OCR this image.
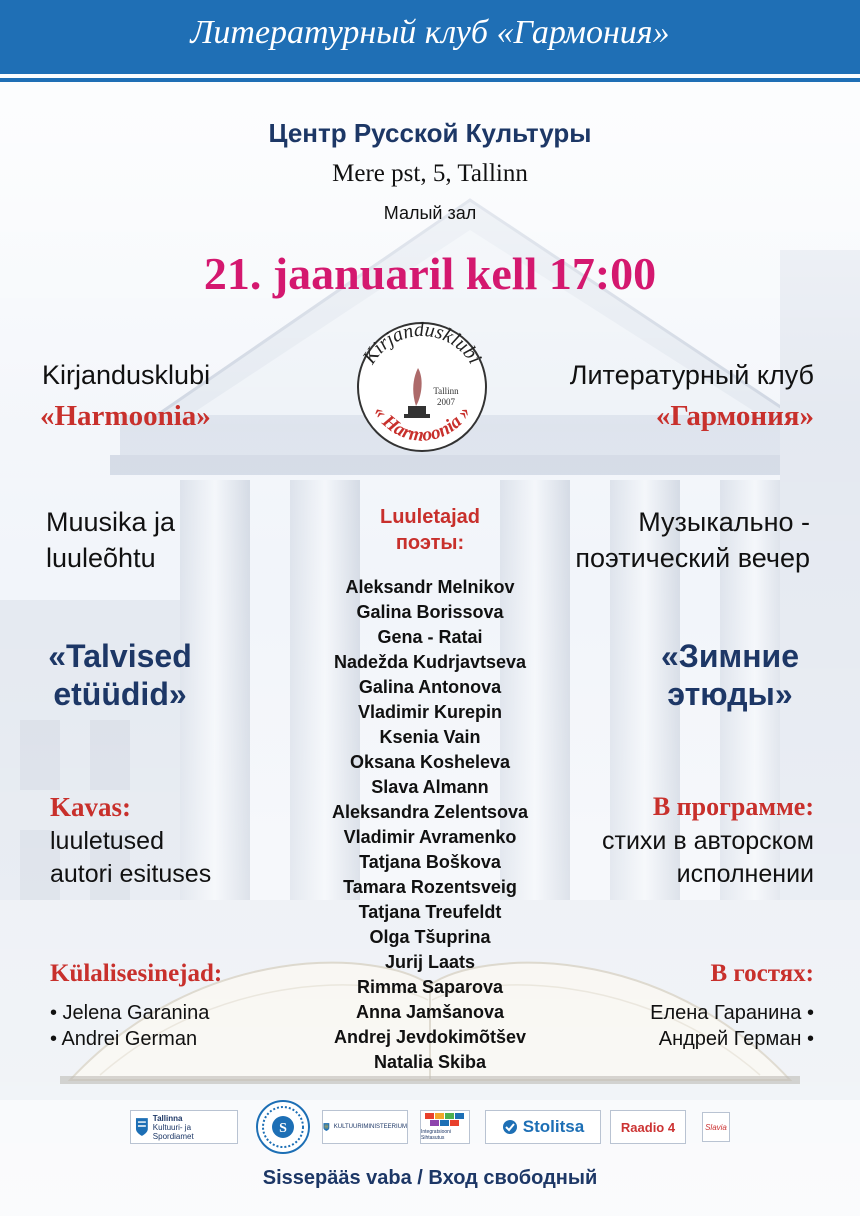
Литературный клуб «Гармония»
Центр Русской Культуры
Mere pst, 5, Tallinn
Малый зал
21. jaanuaril kell 17:00
Kirjandusklubi
« Harmoonia »
Tallinn
2007
Kirjandusklubi
«Harmoonia»
Muusika ja
luuleõhtu
«Talvised
etüüdid»
Kavas:
luuletused
autori esituses
Külalisesinejad:
• Jelena Garanina
• Andrei German
Литературный клуб
«Гармония»
Музыкально -
поэтический вечер
«Зимние
этюды»
В программе:
стихи в авторском
исполнении
В гостях:
Елена Гаранина •
Андрей Герман •
Luuletajad
поэты:
Aleksandr Melnikov
Galina Borissova
Gena - Ratai
Nadežda Kudrjavtseva
Galina Antonova
Vladimir Kurepin
Ksenia Vain
Oksana Kosheleva
Slava Almann
Aleksandra Zelentsova
Vladimir Avramenko
Tatjana Boškova
Tamara Rozentsveig
Tatjana Treufeldt
Olga Tšuprina
Jurij Laats
Rimma Saparova
Anna Jamšanova
Andrej Jevdokimõtšev
Natalia Skiba
Tallinna
Kultuuri- ja Spordiamet	S	KULTUURIMINISTEERIUM
Integratsiooni Sihtasutus
Stolitsa	Raadio 4	Slavia
Sissepääs vaba / Вход свободный
